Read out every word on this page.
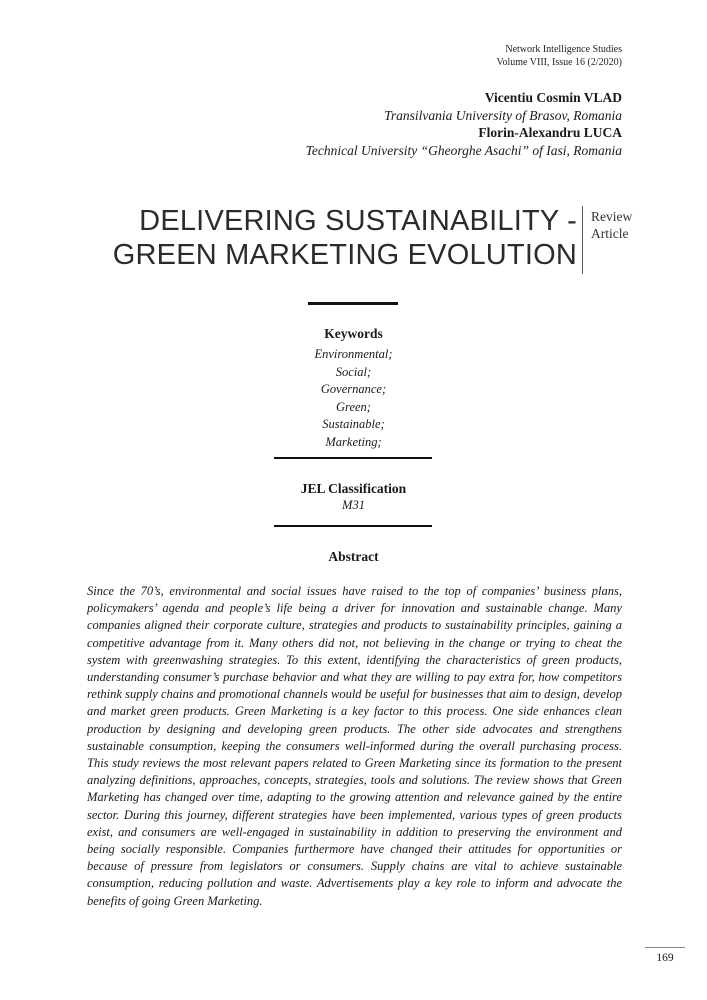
Network Intelligence Studies
Volume VIII, Issue 16 (2/2020)
Vicentiu Cosmin VLAD
Transilvania University of Brasov, Romania
Florin-Alexandru LUCA
Technical University “Gheorghe Asachi” of Iasi, Romania
DELIVERING SUSTAINABILITY -
GREEN MARKETING EVOLUTION
Review
Article
Keywords
Environmental;
Social;
Governance;
Green;
Sustainable;
Marketing;
JEL Classification
M31
Abstract
Since the 70’s, environmental and social issues have raised to the top of companies’ business plans, policymakers’ agenda and people’s life being a driver for innovation and sustainable change. Many companies aligned their corporate culture, strategies and products to sustainability principles, gaining a competitive advantage from it. Many others did not, not believing in the change or trying to cheat the system with greenwashing strategies. To this extent, identifying the characteristics of green products, understanding consumer’s purchase behavior and what they are willing to pay extra for, how competitors rethink supply chains and promotional channels would be useful for businesses that aim to design, develop and market green products. Green Marketing is a key factor to this process. One side enhances clean production by designing and developing green products. The other side advocates and strengthens sustainable consumption, keeping the consumers well-informed during the overall purchasing process. This study reviews the most relevant papers related to Green Marketing since its formation to the present analyzing definitions, approaches, concepts, strategies, tools and solutions. The review shows that Green Marketing has changed over time, adapting to the growing attention and relevance gained by the entire sector. During this journey, different strategies have been implemented, various types of green products exist, and consumers are well-engaged in sustainability in addition to preserving the environment and being socially responsible. Companies furthermore have changed their attitudes for opportunities or because of pressure from legislators or consumers. Supply chains are vital to achieve sustainable consumption, reducing pollution and waste. Advertisements play a key role to inform and advocate the benefits of going Green Marketing.
169
